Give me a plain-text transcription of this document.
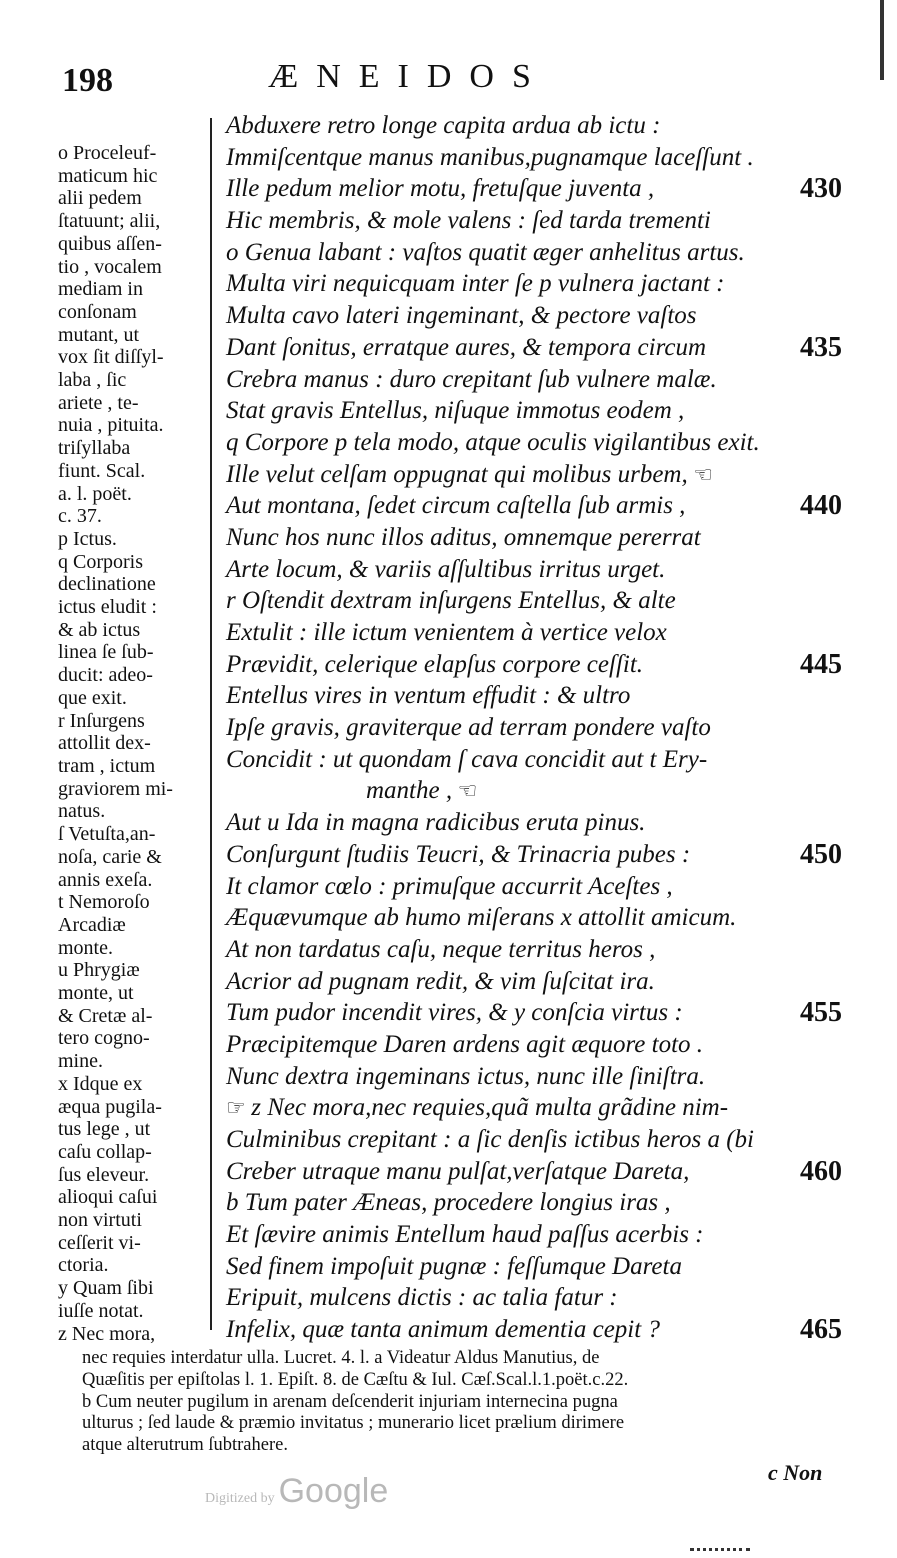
198	ÆNEIDOS
o Proceleuf-
maticum hic
alii pedem
ſtatuunt; alii,
quibus aſſen-
tio , vocalem
mediam in
conſonam
mutant, ut
vox ſit diſſyl-
laba , ſic
ariete , te-
nuia , pituita.
triſyllaba
fiunt. Scal.
a. l. poët.
c. 37.
p Ictus.
q Corporis
declinatione
ictus eludit :
& ab ictus
linea ſe ſub-
ducit: adeo-
que exit.
r Inſurgens
attollit dex-
tram , ictum
graviorem mi-
natus.
ſ Vetuſta,an-
noſa, carie &
annis exeſa.
t Nemoroſo
Arcadiæ
monte.
u Phrygiæ
monte, ut
& Cretæ al-
tero cogno-
mine.
x Idque ex
æqua pugila-
tus lege , ut
caſu collap-
ſus eleveur.
alioqui caſui
non virtuti
ceſſerit vi-
ctoria.
y Quam ſibi
iuſſe notat.
z Nec mora,
Abduxere retro longe capita ardua ab ictu :
Immiſcentque manus manibus,pugnamque laceſſunt .
Ille pedum melior motu, fretuſque juventa ,	430
Hic membris, & mole valens : ſed tarda trementi
o Genua labant : vaſtos quatit æger anhelitus artus.
Multa viri nequicquam inter ſe p vulnera jactant :
Multa cavo lateri ingeminant, & pectore vaſtos
Dant ſonitus, erratque aures, & tempora circum	435
Crebra manus : duro crepitant ſub vulnere malæ.
Stat gravis Entellus, niſuque immotus eodem ,
q Corpore p tela modo, atque oculis vigilantibus exit.
Ille velut celſam oppugnat qui molibus urbem, ☜
Aut montana, ſedet circum caſtella ſub armis ,	440
Nunc hos nunc illos aditus, omnemque pererrat
Arte locum, & variis aſſultibus irritus urget.
r Oſtendit dextram inſurgens Entellus, & alte
Extulit : ille ictum venientem à vertice velox
Prævidit, celerique elapſus corpore ceſſit.	445
Entellus vires in ventum effudit : & ultro
Ipſe gravis, graviterque ad terram pondere vaſto
Concidit : ut quondam ſ cava concidit aut t Ery-
manthe , ☜
Aut u Ida in magna radicibus eruta pinus.
Conſurgunt ſtudiis Teucri, & Trinacria pubes :	450
It clamor cœlo : primuſque accurrit Aceſtes ,
Æquævumque ab humo miſerans x attollit amicum.
At non tardatus caſu, neque territus heros ,
Acrior ad pugnam redit, & vim ſuſcitat ira.
Tum pudor incendit vires, & y conſcia virtus :	455
Præcipitemque Daren ardens agit æquore toto .
Nunc dextra ingeminans ictus, nunc ille ſiniſtra.
☞ z Nec mora,nec requies,quã multa grãdine nim-
Culminibus crepitant : a ſic denſis ictibus heros a (bi
Creber utraque manu pulſat,verſatque Dareta,	460
b Tum pater Æneas, procedere longius iras ,
Et ſævire animis Entellum haud paſſus acerbis :
Sed finem impoſuit pugnæ : feſſumque Dareta
Eripuit, mulcens dictis : ac talia fatur :
Infelix, quæ tanta animum dementia cepit ?	465
nec requies interdatur ulla. Lucret. 4. l. a Videatur Aldus Manutius, de
Quæſitis per epiſtolas l. 1. Epiſt. 8. de Cæſtu & Iul. Cæſ.Scal.l.1.poët.c.22.
b Cum neuter pugilum in arenam deſcenderit injuriam internecina pugna
ulturus ; ſed laude & præmio invitatus ; munerario licet prælium dirimere
atque alterutrum ſubtrahere.
c Non
Digitized by Google
